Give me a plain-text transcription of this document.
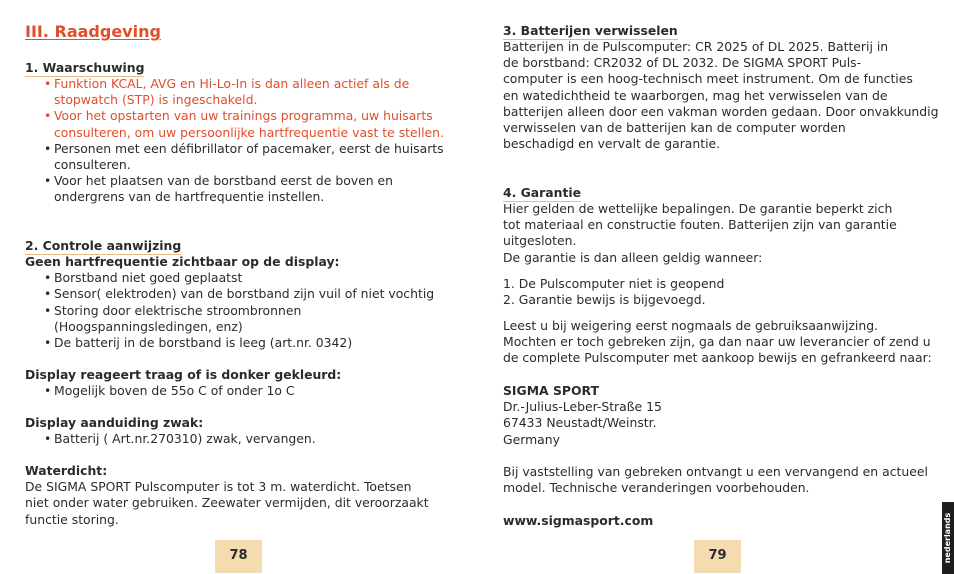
III. Raadgeving
1. Waarschuwing
• Funktion KCAL, AVG en Hi-Lo-In is dan alleen actief als de
stopwatch (STP) is ingeschakeld.
• Voor het opstarten van uw trainings programma, uw huisarts
consulteren, om uw persoonlijke hartfrequentie vast te stellen.
• Personen met een défibrillator of pacemaker, eerst de huisarts
consulteren.
• Voor het plaatsen van de borstband eerst de boven en
ondergrens van de hartfrequentie instellen.
2. Controle aanwijzing
Geen hartfrequentie zichtbaar op de display:
• Borstband niet goed geplaatst
• Sensor( elektroden) van de borstband zijn vuil of niet vochtig
• Storing door elektrische stroombronnen
(Hoogspanningsledingen, enz)
• De batterij in de borstband is leeg (art.nr. 0342)
Display reageert traag of is donker gekleurd:
• Mogelijk boven de 55o C of onder 1o C
Display aanduiding zwak:
• Batterij ( Art.nr.270310) zwak, vervangen.
Waterdicht:
De SIGMA SPORT Pulscomputer is tot 3 m. waterdicht. Toetsen
niet onder water gebruiken. Zeewater vermijden, dit veroorzaakt
functie storing.
78
3. Batterijen verwisselen
Batterijen in de Pulscomputer: CR 2025 of DL 2025. Batterij in
de borstband: CR2032 of DL 2032. De SIGMA SPORT Puls-
computer is een hoog-technisch meet instrument. Om de functies
en watedichtheid te waarborgen, mag het verwisselen van de
batterijen alleen door een vakman worden gedaan. Door onvakkundig
verwisselen van de batterijen kan de computer worden
beschadigd en vervalt de garantie.
4. Garantie
Hier gelden de wettelijke bepalingen. De garantie beperkt zich
tot materiaal en constructie fouten. Batterijen zijn van garantie
uitgesloten.
De garantie is dan alleen geldig wanneer:
1. De Pulscomputer niet is geopend
2. Garantie bewijs is bijgevoegd.
Leest u bij weigering eerst nogmaals de gebruiksaanwijzing.
Mochten er toch gebreken zijn, ga dan naar uw leverancier of zend u
de complete Pulscomputer met aankoop bewijs en gefrankeerd naar:
SIGMA SPORT
Dr.-Julius-Leber-Straße 15
67433 Neustadt/Weinstr.
Germany
Bij vaststelling van gebreken ontvangt u een vervangend en actueel
model. Technische veranderingen voorbehouden.
www.sigmasport.com
79	nederlands
